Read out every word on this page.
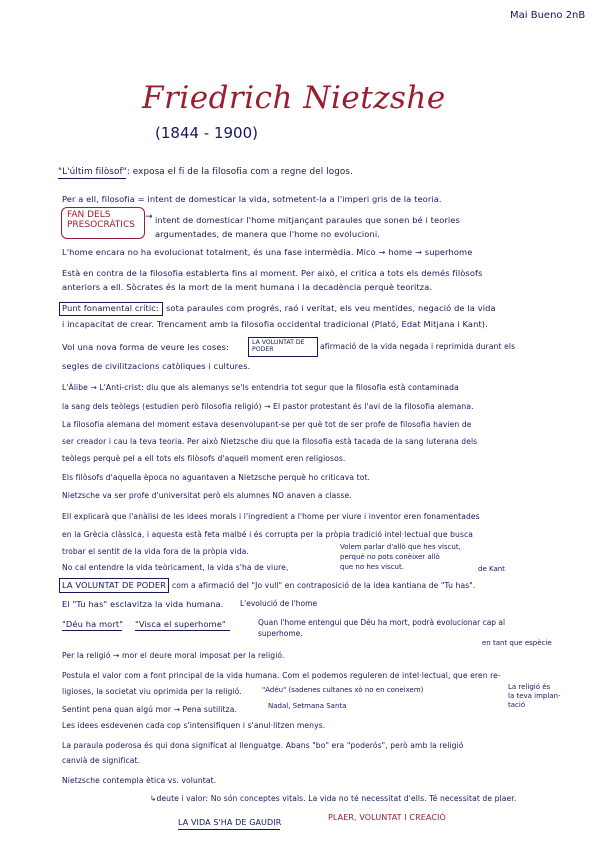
Mai Bueno 2nB
Friedrich Nietzshe
(1844 - 1900)
"L'últim filòsof": exposa el fi de la filosofia com a regne del logos.
Per a ell, filosofia = intent de domesticar la vida, sotmetent-la a l'imperi gris de la teoria.
FAN DELS PRESOCRÀTICS
→ intent de domesticar l'home mitjançant paraules que sonen bé i teories
argumentades, de manera que l'home no evolucioni.
L'home encara no ha evolucionat totalment, és una fase intermèdia. Mico → home → superhome
Està en contra de la filosofia establerta fins al moment. Per això, el critica a tots els demés filòsofs
anteriors a ell. Sòcrates és la mort de la ment humana i la decadència perquè teoritza.
Punt fonamental crític: sota paraules com progrés, raó i veritat, els veu mentides, negació de la vida
i incapacitat de crear. Trencament amb la filosofia occidental tradicional (Plató, Edat Mitjana i Kant).
Vol una nova forma de veure les coses:	LA VOLUNTAT DE PODER	afirmació de la vida negada i reprimida durant els
segles de civilitzacions catòliques i cultures.
L'Àlibe → L'Anti-crist: diu que als alemanys se'ls entendria tot segur que la filosofia està contaminada
la sang dels teòlegs (estudien però filosofia religió) → El pastor protestant és l'avi de la filosofia alemana.
La filosofia alemana del moment estava desenvolupant-se per què tot de ser profe de filosofia havien de
ser creador i cau la teva teoria. Per això Nietzsche diu que la filosofia està tacada de la sang luterana dels
teòlegs perquè pel a ell tots els filòsofs d'aquell moment eren religiosos.
Els filòsofs d'aquella època no aguantaven a Nietzsche perquè ho criticava tot.
Nietzsche va ser profe d'universitat però els alumnes NO anaven a classe.
Ell explicarà que l'anàlisi de les idees morals i l'ingredient a l'home per viure i inventor eren fonamentades
en la Grècia clàssica, i aquesta està feta malbé i és corrupta per la pròpia tradició intel·lectual que busca
trobar el sentit de la vida fora de la pròpia vida.	Volem parlar d'allò que hes viscut,
perquè no pots conèixer allò
No cal entendre la vida teòricament, la vida s'ha de viure,	que no hes viscut.	de Kant
LA VOLUNTAT DE PODER com a afirmació del "Jo vull" en contraposició de la idea kantiana de "Tu has".
El "Tu has" esclavitza la vida humana. L'evolució de l'home
"Déu ha mort" "Visca el superhome"	Quan l'home entengui que Déu ha mort, podrà evolucionar cap al
superhome.
en tant que espècie
Per la religió → mor el deure moral imposat per la religió.
Postula el valor com a font principal de la vida humana. Com el podemos reguleren de intel·lectual, que eren re-
ligioses, la societat viu oprimida per la religió.	"Adéu" (sadenes cultanes xò no en coneixem)	La religió és
la teva implan-
tació
Sentint pena quan algú mor → Pena sutilitza.	Nadal, Setmana Santa
Les idees esdevenen cada cop s'intensifiquen i s'anul·litzen menys.
La paraula poderosa és qui dona significat al llenguatge. Abans "bo" era "poderós", però amb la religió
canvià de significat.
Nietzsche contempla ètica vs. voluntat.
↳deute i valor: No són conceptes vitals. La vida no té necessitat d'ells. Té necessitat de plaer.
LA VIDA S'HA DE GAUDIR
PLAER, VOLUNTAT I CREACIÓ
